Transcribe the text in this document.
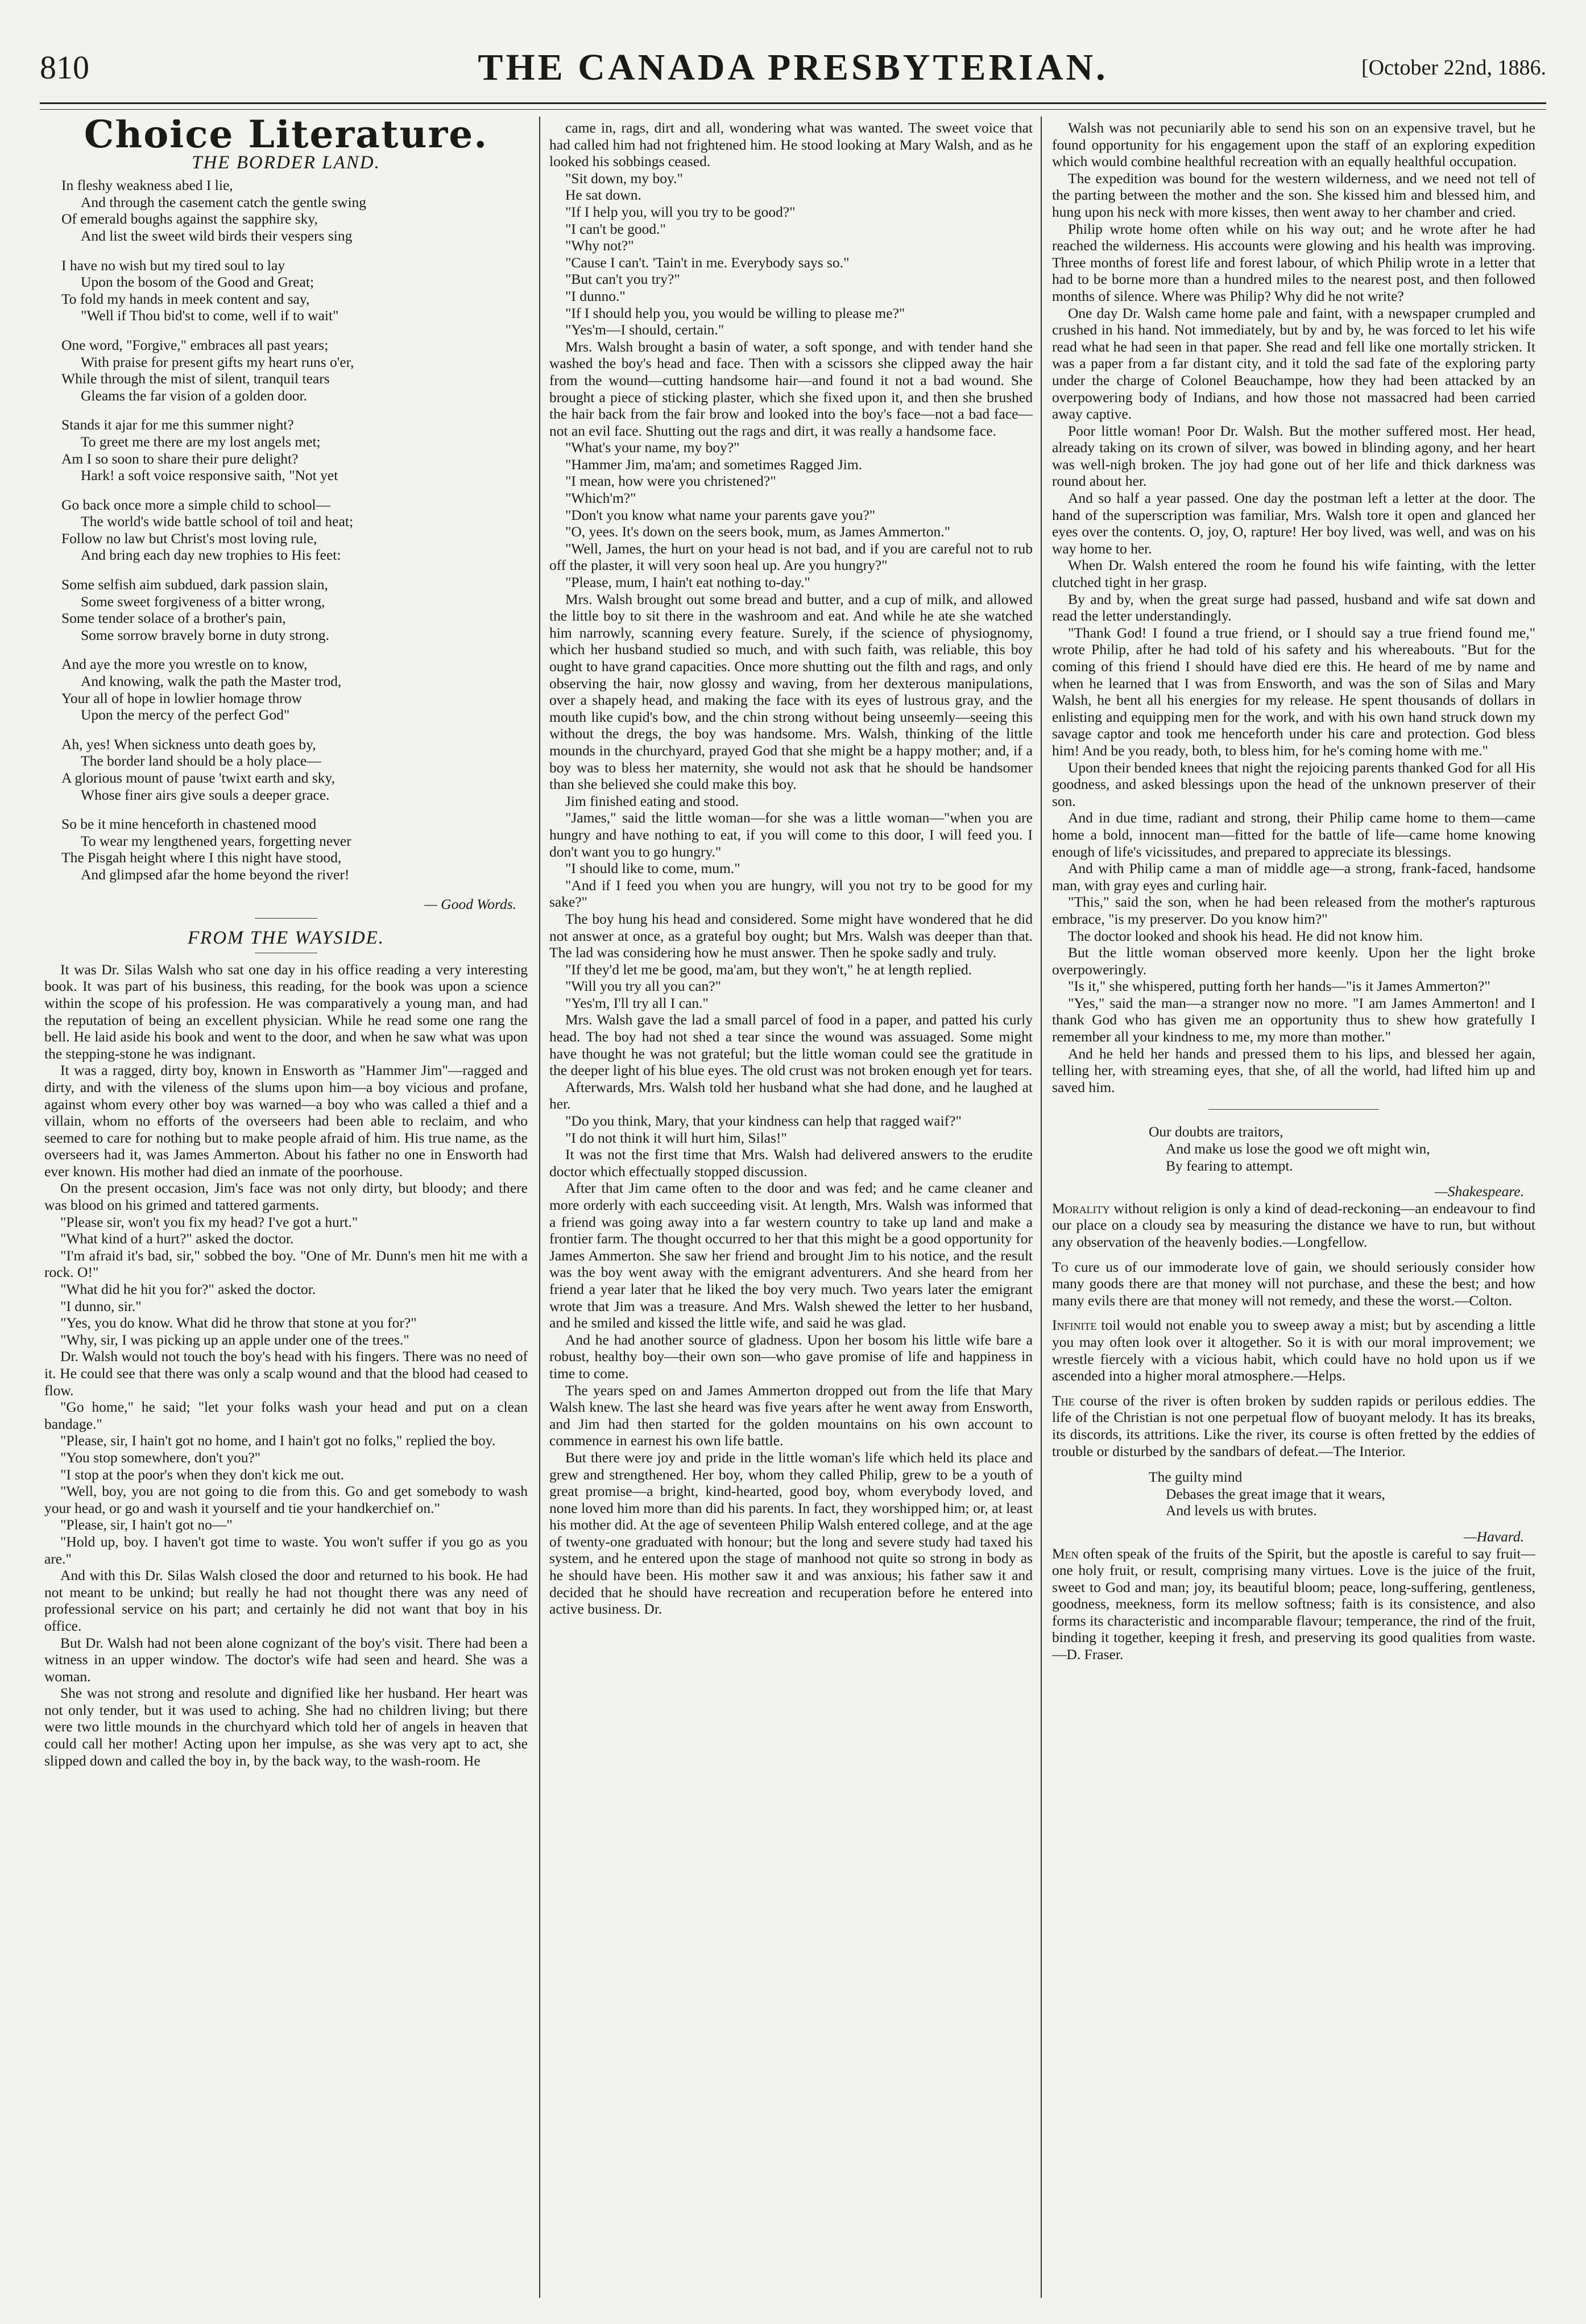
810	THE CANADA PRESBYTERIAN.	[October 22nd, 1886.
Choice Literature.
THE BORDER LAND.
In fleshy weakness abed I lie,
And through the casement catch the gentle swing
Of emerald boughs against the sapphire sky,
And list the sweet wild birds their vespers sing
I have no wish but my tired soul to lay
Upon the bosom of the Good and Great;
To fold my hands in meek content and say,
"Well if Thou bid'st to come, well if to wait"
One word, "Forgive," embraces all past years;
With praise for present gifts my heart runs o'er,
While through the mist of silent, tranquil tears
Gleams the far vision of a golden door.
Stands it ajar for me this summer night?
To greet me there are my lost angels met;
Am I so soon to share their pure delight?
Hark! a soft voice responsive saith, "Not yet
Go back once more a simple child to school—
The world's wide battle school of toil and heat;
Follow no law but Christ's most loving rule,
And bring each day new trophies to His feet:
Some selfish aim subdued, dark passion slain,
Some sweet forgiveness of a bitter wrong,
Some tender solace of a brother's pain,
Some sorrow bravely borne in duty strong.
And aye the more you wrestle on to know,
And knowing, walk the path the Master trod,
Your all of hope in lowlier homage throw
Upon the mercy of the perfect God"
Ah, yes! When sickness unto death goes by,
The border land should be a holy place—
A glorious mount of pause 'twixt earth and sky,
Whose finer airs give souls a deeper grace.
So be it mine henceforth in chastened mood
To wear my lengthened years, forgetting never
The Pisgah height where I this night have stood,
And glimpsed afar the home beyond the river!
— Good Words.
FROM THE WAYSIDE.

It was Dr. Silas Walsh who sat one day in his office reading a very interesting book. It was part of his business, this reading, for the book was upon a science within the scope of his profession. He was comparatively a young man, and had the reputation of being an excellent physician. While he read some one rang the bell. He laid aside his book and went to the door, and when he saw what was upon the stepping-stone he was indignant.

It was a ragged, dirty boy, known in Ensworth as "Hammer Jim"—ragged and dirty, and with the vileness of the slums upon him—a boy vicious and profane, against whom every other boy was warned—a boy who was called a thief and a villain, whom no efforts of the overseers had been able to reclaim, and who seemed to care for nothing but to make people afraid of him. His true name, as the overseers had it, was James Ammerton. About his father no one in Ensworth had ever known. His mother had died an inmate of the poorhouse.

On the present occasion, Jim's face was not only dirty, but bloody; and there was blood on his grimed and tattered garments.

"Please sir, won't you fix my head? I've got a hurt."

"What kind of a hurt?" asked the doctor.

"I'm afraid it's bad, sir," sobbed the boy. "One of Mr. Dunn's men hit me with a rock. O!"

"What did he hit you for?" asked the doctor.

"I dunno, sir."

"Yes, you do know. What did he throw that stone at you for?"

"Why, sir, I was picking up an apple under one of the trees."

Dr. Walsh would not touch the boy's head with his fingers. There was no need of it. He could see that there was only a scalp wound and that the blood had ceased to flow.

"Go home," he said; "let your folks wash your head and put on a clean bandage."

"Please, sir, I hain't got no home, and I hain't got no folks," replied the boy.

"You stop somewhere, don't you?"

"I stop at the poor's when they don't kick me out.

"Well, boy, you are not going to die from this. Go and get somebody to wash your head, or go and wash it yourself and tie your handkerchief on."

"Please, sir, I hain't got no—"

"Hold up, boy. I haven't got time to waste. You won't suffer if you go as you are."

And with this Dr. Silas Walsh closed the door and returned to his book. He had not meant to be unkind; but really he had not thought there was any need of professional service on his part; and certainly he did not want that boy in his office.

But Dr. Walsh had not been alone cognizant of the boy's visit. There had been a witness in an upper window. The doctor's wife had seen and heard. She was a woman.

She was not strong and resolute and dignified like her husband. Her heart was not only tender, but it was used to aching. She had no children living; but there were two little mounds in the churchyard which told her of angels in heaven that could call her mother! Acting upon her impulse, as she was very apt to act, she slipped down and called the boy in, by the back way, to the wash-room. He

came in, rags, dirt and all, wondering what was wanted. The sweet voice that had called him had not frightened him. He stood looking at Mary Walsh, and as he looked his sobbings ceased.

"Sit down, my boy."

He sat down.

"If I help you, will you try to be good?"

"I can't be good."

"Why not?"

"Cause I can't. 'Tain't in me. Everybody says so."

"But can't you try?"

"I dunno."

"If I should help you, you would be willing to please me?"

"Yes'm—I should, certain."

Mrs. Walsh brought a basin of water, a soft sponge, and with tender hand she washed the boy's head and face. Then with a scissors she clipped away the hair from the wound—cutting handsome hair—and found it not a bad wound. She brought a piece of sticking plaster, which she fixed upon it, and then she brushed the hair back from the fair brow and looked into the boy's face—not a bad face—not an evil face. Shutting out the rags and dirt, it was really a handsome face.

"What's your name, my boy?"

"Hammer Jim, ma'am; and sometimes Ragged Jim.

"I mean, how were you christened?"

"Which'm?"

"Don't you know what name your parents gave you?"

"O, yees. It's down on the seers book, mum, as James Ammerton."

"Well, James, the hurt on your head is not bad, and if you are careful not to rub off the plaster, it will very soon heal up. Are you hungry?"

"Please, mum, I hain't eat nothing to-day."

Mrs. Walsh brought out some bread and butter, and a cup of milk, and allowed the little boy to sit there in the washroom and eat. And while he ate she watched him narrowly, scanning every feature. Surely, if the science of physiognomy, which her husband studied so much, and with such faith, was reliable, this boy ought to have grand capacities. Once more shutting out the filth and rags, and only observing the hair, now glossy and waving, from her dexterous manipulations, over a shapely head, and making the face with its eyes of lustrous gray, and the mouth like cupid's bow, and the chin strong without being unseemly—seeing this without the dregs, the boy was handsome. Mrs. Walsh, thinking of the little mounds in the churchyard, prayed God that she might be a happy mother; and, if a boy was to bless her maternity, she would not ask that he should be handsomer than she believed she could make this boy.

Jim finished eating and stood.

"James," said the little woman—for she was a little woman—"when you are hungry and have nothing to eat, if you will come to this door, I will feed you. I don't want you to go hungry."

"I should like to come, mum."

"And if I feed you when you are hungry, will you not try to be good for my sake?"

The boy hung his head and considered. Some might have wondered that he did not answer at once, as a grateful boy ought; but Mrs. Walsh was deeper than that. The lad was considering how he must answer. Then he spoke sadly and truly.

"If they'd let me be good, ma'am, but they won't," he at length replied.

"Will you try all you can?"

"Yes'm, I'll try all I can."

Mrs. Walsh gave the lad a small parcel of food in a paper, and patted his curly head. The boy had not shed a tear since the wound was assuaged. Some might have thought he was not grateful; but the little woman could see the gratitude in the deeper light of his blue eyes. The old crust was not broken enough yet for tears.

Afterwards, Mrs. Walsh told her husband what she had done, and he laughed at her.

"Do you think, Mary, that your kindness can help that ragged waif?"

"I do not think it will hurt him, Silas!"

It was not the first time that Mrs. Walsh had delivered answers to the erudite doctor which effectually stopped discussion.

After that Jim came often to the door and was fed; and he came cleaner and more orderly with each succeeding visit. At length, Mrs. Walsh was informed that a friend was going away into a far western country to take up land and make a frontier farm. The thought occurred to her that this might be a good opportunity for James Ammerton. She saw her friend and brought Jim to his notice, and the result was the boy went away with the emigrant adventurers. And she heard from her friend a year later that he liked the boy very much. Two years later the emigrant wrote that Jim was a treasure. And Mrs. Walsh shewed the letter to her husband, and he smiled and kissed the little wife, and said he was glad.

And he had another source of gladness. Upon her bosom his little wife bare a robust, healthy boy—their own son—who gave promise of life and happiness in time to come.

The years sped on and James Ammerton dropped out from the life that Mary Walsh knew. The last she heard was five years after he went away from Ensworth, and Jim had then started for the golden mountains on his own account to commence in earnest his own life battle.

But there were joy and pride in the little woman's life which held its place and grew and strengthened. Her boy, whom they called Philip, grew to be a youth of great promise—a bright, kind-hearted, good boy, whom everybody loved, and none loved him more than did his parents. In fact, they worshipped him; or, at least his mother did. At the age of seventeen Philip Walsh entered college, and at the age of twenty-one graduated with honour; but the long and severe study had taxed his system, and he entered upon the stage of manhood not quite so strong in body as he should have been. His mother saw it and was anxious; his father saw it and decided that he should have recreation and recuperation before he entered into active business. Dr.

Walsh was not pecuniarily able to send his son on an expensive travel, but he found opportunity for his engagement upon the staff of an exploring expedition which would combine healthful recreation with an equally healthful occupation.

The expedition was bound for the western wilderness, and we need not tell of the parting between the mother and the son. She kissed him and blessed him, and hung upon his neck with more kisses, then went away to her chamber and cried.

Philip wrote home often while on his way out; and he wrote after he had reached the wilderness. His accounts were glowing and his health was improving. Three months of forest life and forest labour, of which Philip wrote in a letter that had to be borne more than a hundred miles to the nearest post, and then followed months of silence. Where was Philip? Why did he not write?

One day Dr. Walsh came home pale and faint, with a newspaper crumpled and crushed in his hand. Not immediately, but by and by, he was forced to let his wife read what he had seen in that paper. She read and fell like one mortally stricken. It was a paper from a far distant city, and it told the sad fate of the exploring party under the charge of Colonel Beauchampe, how they had been attacked by an overpowering body of Indians, and how those not massacred had been carried away captive.

Poor little woman! Poor Dr. Walsh. But the mother suffered most. Her head, already taking on its crown of silver, was bowed in blinding agony, and her heart was well-nigh broken. The joy had gone out of her life and thick darkness was round about her.

And so half a year passed. One day the postman left a letter at the door. The hand of the superscription was familiar, Mrs. Walsh tore it open and glanced her eyes over the contents. O, joy, O, rapture! Her boy lived, was well, and was on his way home to her.

When Dr. Walsh entered the room he found his wife fainting, with the letter clutched tight in her grasp.

By and by, when the great surge had passed, husband and wife sat down and read the letter understandingly.

"Thank God! I found a true friend, or I should say a true friend found me," wrote Philip, after he had told of his safety and his whereabouts. "But for the coming of this friend I should have died ere this. He heard of me by name and when he learned that I was from Ensworth, and was the son of Silas and Mary Walsh, he bent all his energies for my release. He spent thousands of dollars in enlisting and equipping men for the work, and with his own hand struck down my savage captor and took me henceforth under his care and protection. God bless him! And be you ready, both, to bless him, for he's coming home with me."

Upon their bended knees that night the rejoicing parents thanked God for all His goodness, and asked blessings upon the head of the unknown preserver of their son.

And in due time, radiant and strong, their Philip came home to them—came home a bold, innocent man—fitted for the battle of life—came home knowing enough of life's vicissitudes, and prepared to appreciate its blessings.

And with Philip came a man of middle age—a strong, frank-faced, handsome man, with gray eyes and curling hair.

"This," said the son, when he had been released from the mother's rapturous embrace, "is my preserver. Do you know him?"

The doctor looked and shook his head. He did not know him.

But the little woman observed more keenly. Upon her the light broke overpoweringly.

"Is it," she whispered, putting forth her hands—"is it James Ammerton?"

"Yes," said the man—a stranger now no more. "I am James Ammerton! and I thank God who has given me an opportunity thus to shew how gratefully I remember all your kindness to me, my more than mother."

And he held her hands and pressed them to his lips, and blessed her again, telling her, with streaming eyes, that she, of all the world, had lifted him up and saved him.

Our doubts are traitors,
And make us lose the good we oft might win,
By fearing to attempt.
—Shakespeare.

Morality without religion is only a kind of dead-reckoning—an endeavour to find our place on a cloudy sea by measuring the distance we have to run, but without any observation of the heavenly bodies.—Longfellow.

To cure us of our immoderate love of gain, we should seriously consider how many goods there are that money will not purchase, and these the best; and how many evils there are that money will not remedy, and these the worst.—Colton.

Infinite toil would not enable you to sweep away a mist; but by ascending a little you may often look over it altogether. So it is with our moral improvement; we wrestle fiercely with a vicious habit, which could have no hold upon us if we ascended into a higher moral atmosphere.—Helps.

The course of the river is often broken by sudden rapids or perilous eddies. The life of the Christian is not one perpetual flow of buoyant melody. It has its breaks, its discords, its attritions. Like the river, its course is often fretted by the eddies of trouble or disturbed by the sandbars of defeat.—The Interior.

The guilty mind
Debases the great image that it wears,
And levels us with brutes.
—Havard.

Men often speak of the fruits of the Spirit, but the apostle is careful to say fruit—one holy fruit, or result, comprising many virtues. Love is the juice of the fruit, sweet to God and man; joy, its beautiful bloom; peace, long-suffering, gentleness, goodness, meekness, form its mellow softness; faith is its consistence, and also forms its characteristic and incomparable flavour; temperance, the rind of the fruit, binding it together, keeping it fresh, and preserving its good qualities from waste.—D. Fraser.
